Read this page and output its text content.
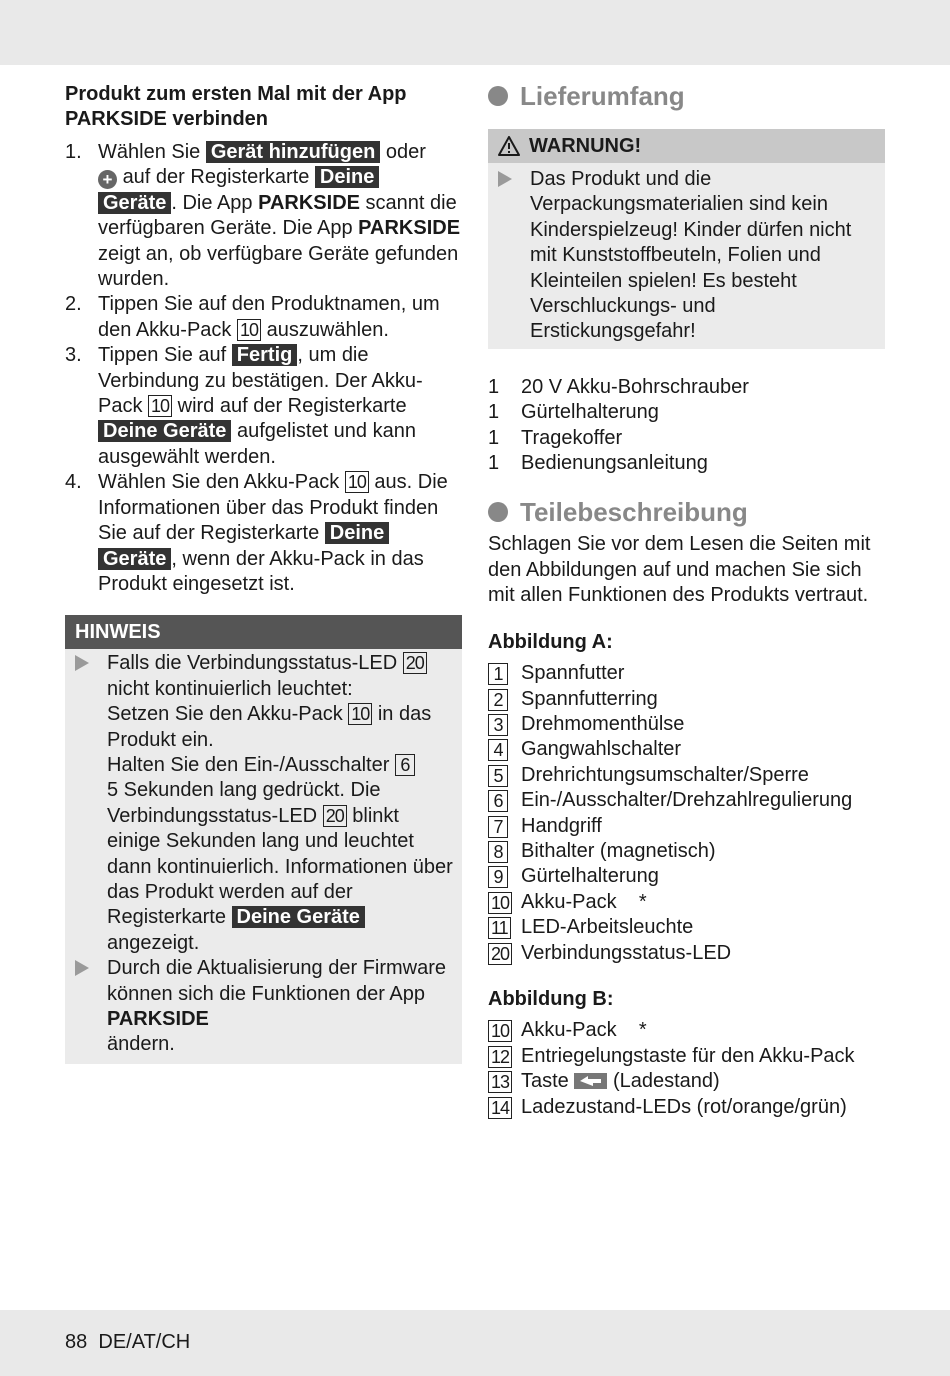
Produkt zum ersten Mal mit der App PARKSIDE verbinden
1. Wählen Sie Gerät hinzufügen oder
+ auf der Registerkarte Deine
Geräte . Die App PARKSIDE scannt die verfügbaren Geräte. Die App PARKSIDE zeigt an, ob verfügbare Geräte gefunden wurden.
2. Tippen Sie auf den Produktnamen, um den Akku-Pack 10 auszuwählen.
3. Tippen Sie auf Fertig , um die Verbindung zu bestätigen. Der Akku-Pack 10 wird auf der Registerkarte Deine Geräte aufgelistet und kann ausgewählt werden.
4. Wählen Sie den Akku-Pack 10 aus. Die Informationen über das Produkt finden Sie auf der Registerkarte Deine
Geräte , wenn der Akku-Pack in das Produkt eingesetzt ist.
HINWEIS
Falls die Verbindungsstatus-LED 20
nicht kontinuierlich leuchtet:
Setzen Sie den Akku-Pack 10 in das Produkt ein.
Halten Sie den Ein-/Ausschalter 6
5 Sekunden lang gedrückt. Die Verbindungsstatus-LED 20 blinkt einige Sekunden lang und leuchtet dann kontinuierlich. Informationen über das Produkt werden auf der Registerkarte Deine Geräte
angezeigt.
Durch die Aktualisierung der Firmware können sich die Funktionen der App PARKSIDE
ändern.
Lieferumfang
WARNUNG!
Das Produkt und die Verpackungsmaterialien sind kein Kinderspielzeug! Kinder dürfen nicht mit Kunststoffbeuteln, Folien und Kleinteilen spielen! Es besteht Verschluckungs- und Erstickungsgefahr!
1 20 V Akku-Bohrschrauber
1 Gürtelhalterung
1 Tragekoffer
1 Bedienungsanleitung
Teilebeschreibung
Schlagen Sie vor dem Lesen die Seiten mit den Abbildungen auf und machen Sie sich mit allen Funktionen des Produkts vertraut.
Abbildung A:
1 Spannfutter
2 Spannfutterring
3 Drehmomenthülse
4 Gangwahlschalter
5 Drehrichtungsumschalter/Sperre
6 Ein-/Ausschalter/Drehzahlregulierung
7 Handgriff
8 Bithalter (magnetisch)
9 Gürtelhalterung
10 Akku-Pack    *
11 LED-Arbeitsleuchte
20 Verbindungsstatus-LED
Abbildung B:
10 Akku-Pack    *
12 Entriegelungstaste für den Akku-Pack
13 Taste (Ladestand)
14 Ladezustand-LEDs (rot/orange/grün)
88 DE/AT/CH
